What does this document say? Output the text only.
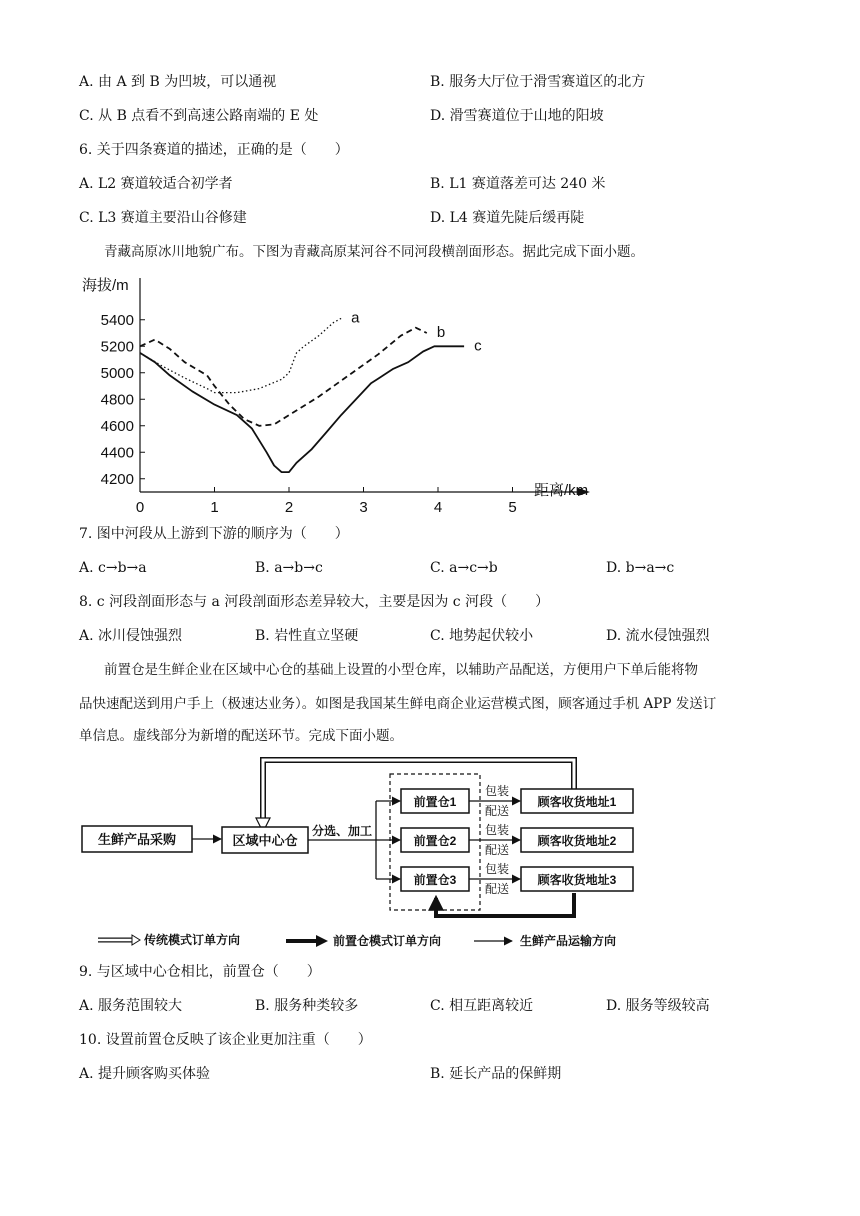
A. 由 A 到 B 为凹坡，可以通视	B. 服务大厅位于滑雪赛道区的北方
C. 从 B 点看不到高速公路南端的 E 处	D. 滑雪赛道位于山地的阳坡
6. 关于四条赛道的描述，正确的是（　　）
A. L2 赛道较适合初学者	B. L1 赛道落差可达 240 米
C. L3 赛道主要沿山谷修建	D. L4 赛道先陡后缓再陡
青藏高原冰川地貌广布。下图为青藏高原某河谷不同河段横剖面形态。据此完成下面小题。
海拔/m
距离/km
4200
4400
4600
4800
5000
5200
5400
0	1	2	3	4	5
a
b
c
7. 图中河段从上游到下游的顺序为（　　）
A. c→b→a	B. a→b→c	C. a→c→b	D. b→a→c
8. c 河段剖面形态与 a 河段剖面形态差异较大，主要是因为 c 河段（　　）
A. 冰川侵蚀强烈	B. 岩性直立坚硬	C. 地势起伏较小	D. 流水侵蚀强烈
前置仓是生鲜企业在区域中心仓的基础上设置的小型仓库，以辅助产品配送，方便用户下单后能将物
品快速配送到用户手上（极速达业务）。如图是我国某生鲜电商企业运营模式图，顾客通过手机 APP 发送订
单信息。虚线部分为新增的配送环节。完成下面小题。
生鲜产品采购	区域中心仓
分选、加工
前置仓1
前置仓2
前置仓3
顾客收货地址1
顾客收货地址2
顾客收货地址3
包装
配送
包装
配送
包装
配送
传统模式订单方向	前置仓模式订单方向	生鲜产品运输方向
9. 与区域中心仓相比，前置仓（　　）
A. 服务范围较大	B. 服务种类较多	C. 相互距离较近	D. 服务等级较高
10. 设置前置仓反映了该企业更加注重（　　）
A. 提升顾客购买体验	B. 延长产品的保鲜期
